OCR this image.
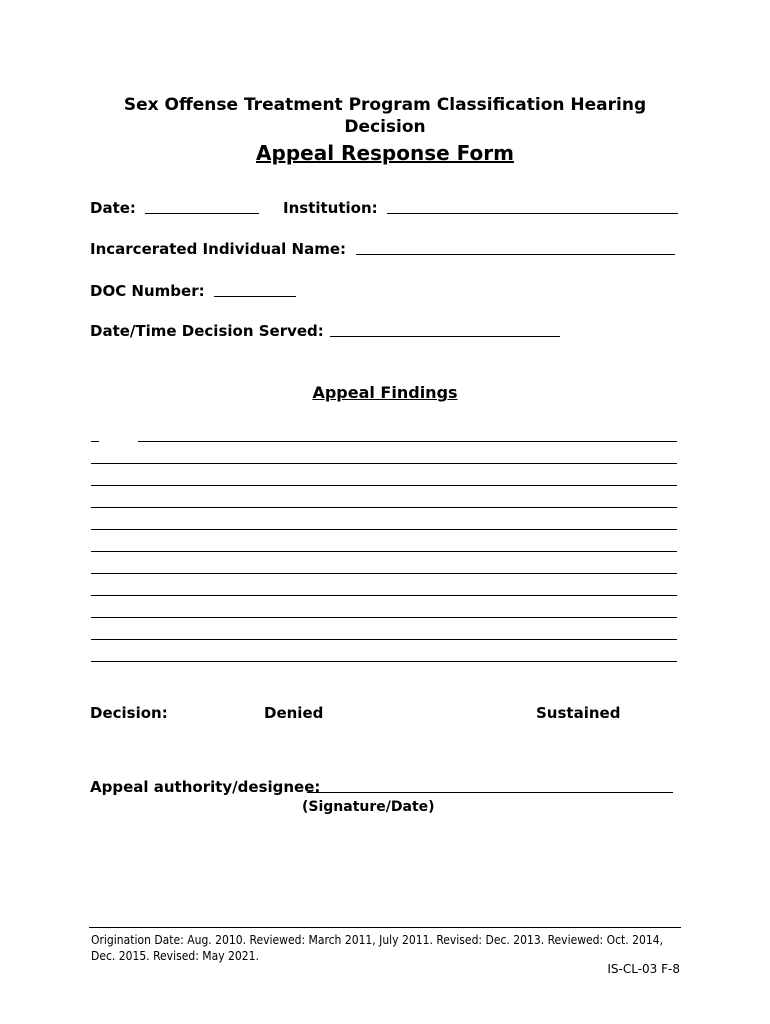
Sex Offense Treatment Program Classification Hearing
Decision
Appeal Response Form
Date:	Institution:
Incarcerated Individual Name:
DOC Number:
Date/Time Decision Served:
Appeal Findings
Decision:	Denied	Sustained
Appeal authority/designee:
(Signature/Date)
Origination Date: Aug. 2010. Reviewed: March 2011, July 2011. Revised: Dec. 2013. Reviewed: Oct. 2014, Dec. 2015. Revised: May 2021.
IS-CL-03 F-8
